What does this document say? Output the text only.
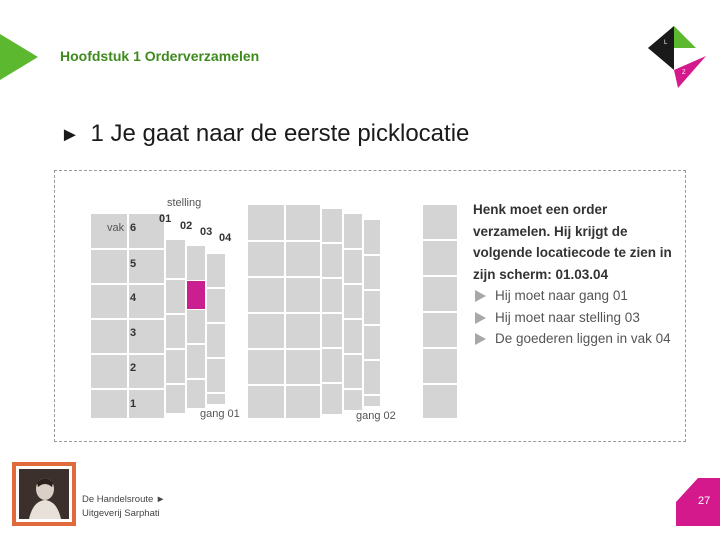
Hoofdstuk 1 Orderverzamelen
L
Z
► 1 Je gaat naar de eerste picklocatie
stelling
vak
01
02 03 04
6
5
4
3
2
1
gang 01	gang 02
Henk moet een order verzamelen. Hij krijgt de volgende locatiecode te zien in zijn scherm: 01.03.04
Hij moet naar gang 01
Hij moet naar stelling 03
De goederen liggen in vak 04
De Handelsroute ►
Uitgeverij Sarphati
27
